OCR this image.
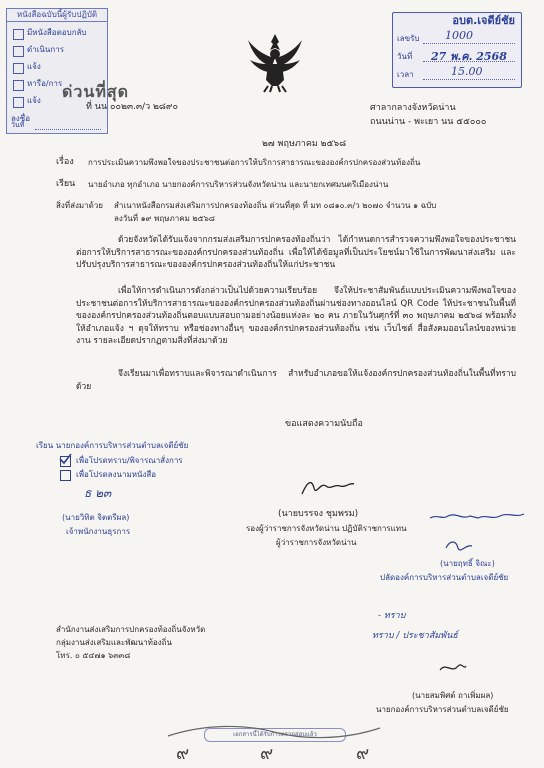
หนังสือฉบับนี้ผู้รับปฏิบัติ
มีหนังสือตอบกลับ
ดำเนินการ
แจ้ง
หารือ/การ
แจ้ง
ลงชื่อ
วันที่
ด่วนที่สุด
ที่ นน ๐๐๒๓.๓/ว ๒๘๙๐
อบต.เจดีย์ชัย
เลขรับ 1000
วันที่ 27 พ.ค. 2568
เวลา	15.00
ศาลากลางจังหวัดน่าน
ถนนน่าน - พะเยา นน ๕๕๐๐๐
๒๗ พฤษภาคม ๒๕๖๘
เรื่อง การประเมินความพึงพอใจของประชาชนต่อการให้บริการสาธารณะขององค์กรปกครองส่วนท้องถิ่น
เรียน นายอำเภอ ทุกอำเภอ นายกองค์การบริหารส่วนจังหวัดน่าน และนายกเทศมนตรีเมืองน่าน
สิ่งที่ส่งมาด้วย สำเนาหนังสือกรมส่งเสริมการปกครองท้องถิ่น ด่วนที่สุด ที่ มท ๐๘๑๐.๓/ว ๒๐๗๐ จำนวน ๑ ฉบับ
ลงวันที่ ๑๙ พฤษภาคม ๒๕๖๘
ด้วยจังหวัดได้รับแจ้งจากกรมส่งเสริมการปกครองท้องถิ่นว่า ได้กำหนดการสำรวจความพึงพอใจของประชาชนต่อการให้บริการสาธารณะขององค์กรปกครองส่วนท้องถิ่น เพื่อให้ได้ข้อมูลที่เป็นประโยชน์มาใช้ในการพัฒนาส่งเสริม และปรับปรุงบริการสาธารณะขององค์กรปกครองส่วนท้องถิ่นให้แก่ประชาชน
เพื่อให้การดำเนินการดังกล่าวเป็นไปด้วยความเรียบร้อย จึงให้ประชาสัมพันธ์แบบประเมินความพึงพอใจของประชาชนต่อการให้บริการสาธารณะขององค์กรปกครองส่วนท้องถิ่นผ่านช่องทางออนไลน์ QR Code ให้ประชาชนในพื้นที่ขององค์กรปกครองส่วนท้องถิ่นตอบแบบสอบถามอย่างน้อยแห่งละ ๒๐ คน ภายในวันศุกร์ที่ ๓๐ พฤษภาคม ๒๕๖๘ พร้อมทั้ง ให้อำเภอแจ้ง ฯ ดุจให้ทราบ หรือช่องทางอื่นๆ ขององค์กรปกครองส่วนท้องถิ่น เช่น เว็บไซต์ สื่อสังคมออนไลน์ของหน่วยงาน รายละเอียดปรากฏตามสิ่งที่ส่งมาด้วย
จึงเรียนมาเพื่อทราบและพิจารณาดำเนินการ สำหรับอำเภอขอให้แจ้งองค์กรปกครองส่วนท้องถิ่นในพื้นที่ทราบด้วย
ขอแสดงความนับถือ
(นายบรรจง ชุมพรม)
รองผู้ว่าราชการจังหวัดน่าน ปฏิบัติราชการแทน
ผู้ว่าราชการจังหวัดน่าน
เรียน นายกองค์การบริหารส่วนตำบลเจดีย์ชัย
เพื่อโปรดทราบ/พิจารณาสั่งการ
เพื่อโปรดลงนามหนังสือ
ธ ๒๓
(นายวิทิต จิตตรีผล)
เจ้าพนักงานธุรการ
(นายฤทธิ์ จิณะ)
ปลัดองค์การบริหารส่วนตำบลเจดีย์ชัย
- ทราบ
ทราบ / ประชาสัมพันธ์
(นายสมพิศต์ ถาเพิ่มผล)
นายกองค์การบริหารส่วนตำบลเจดีย์ชัย
สำนักงานส่งเสริมการปกครองท้องถิ่นจังหวัด
กลุ่มงานส่งเสริมและพัฒนาท้องถิ่น
โทร. ๐ ๕๔๗๑ ๖๓๓๘
เอกสารนี้ได้รับการตรวจสอบแล้ว
๙	๙	๙
